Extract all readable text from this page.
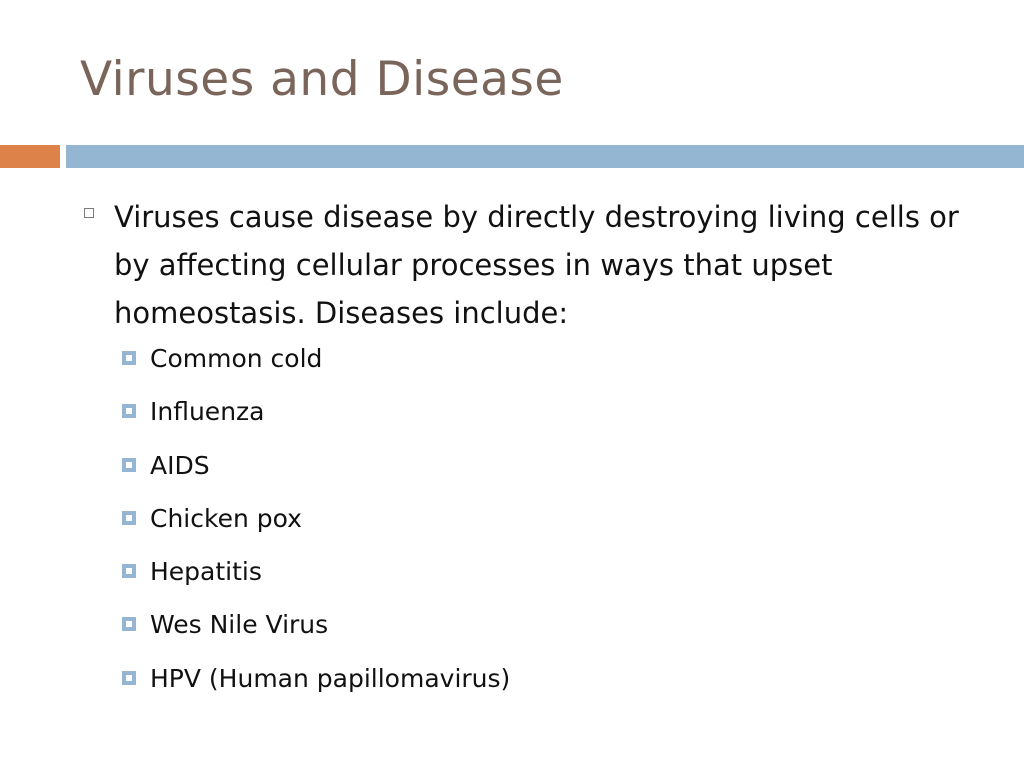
Viruses and Disease
Viruses cause disease by directly destroying living cells or by affecting cellular processes in ways that upset homeostasis. Diseases include:
Common cold
Influenza
AIDS
Chicken pox
Hepatitis
Wes Nile Virus
HPV (Human papillomavirus)
